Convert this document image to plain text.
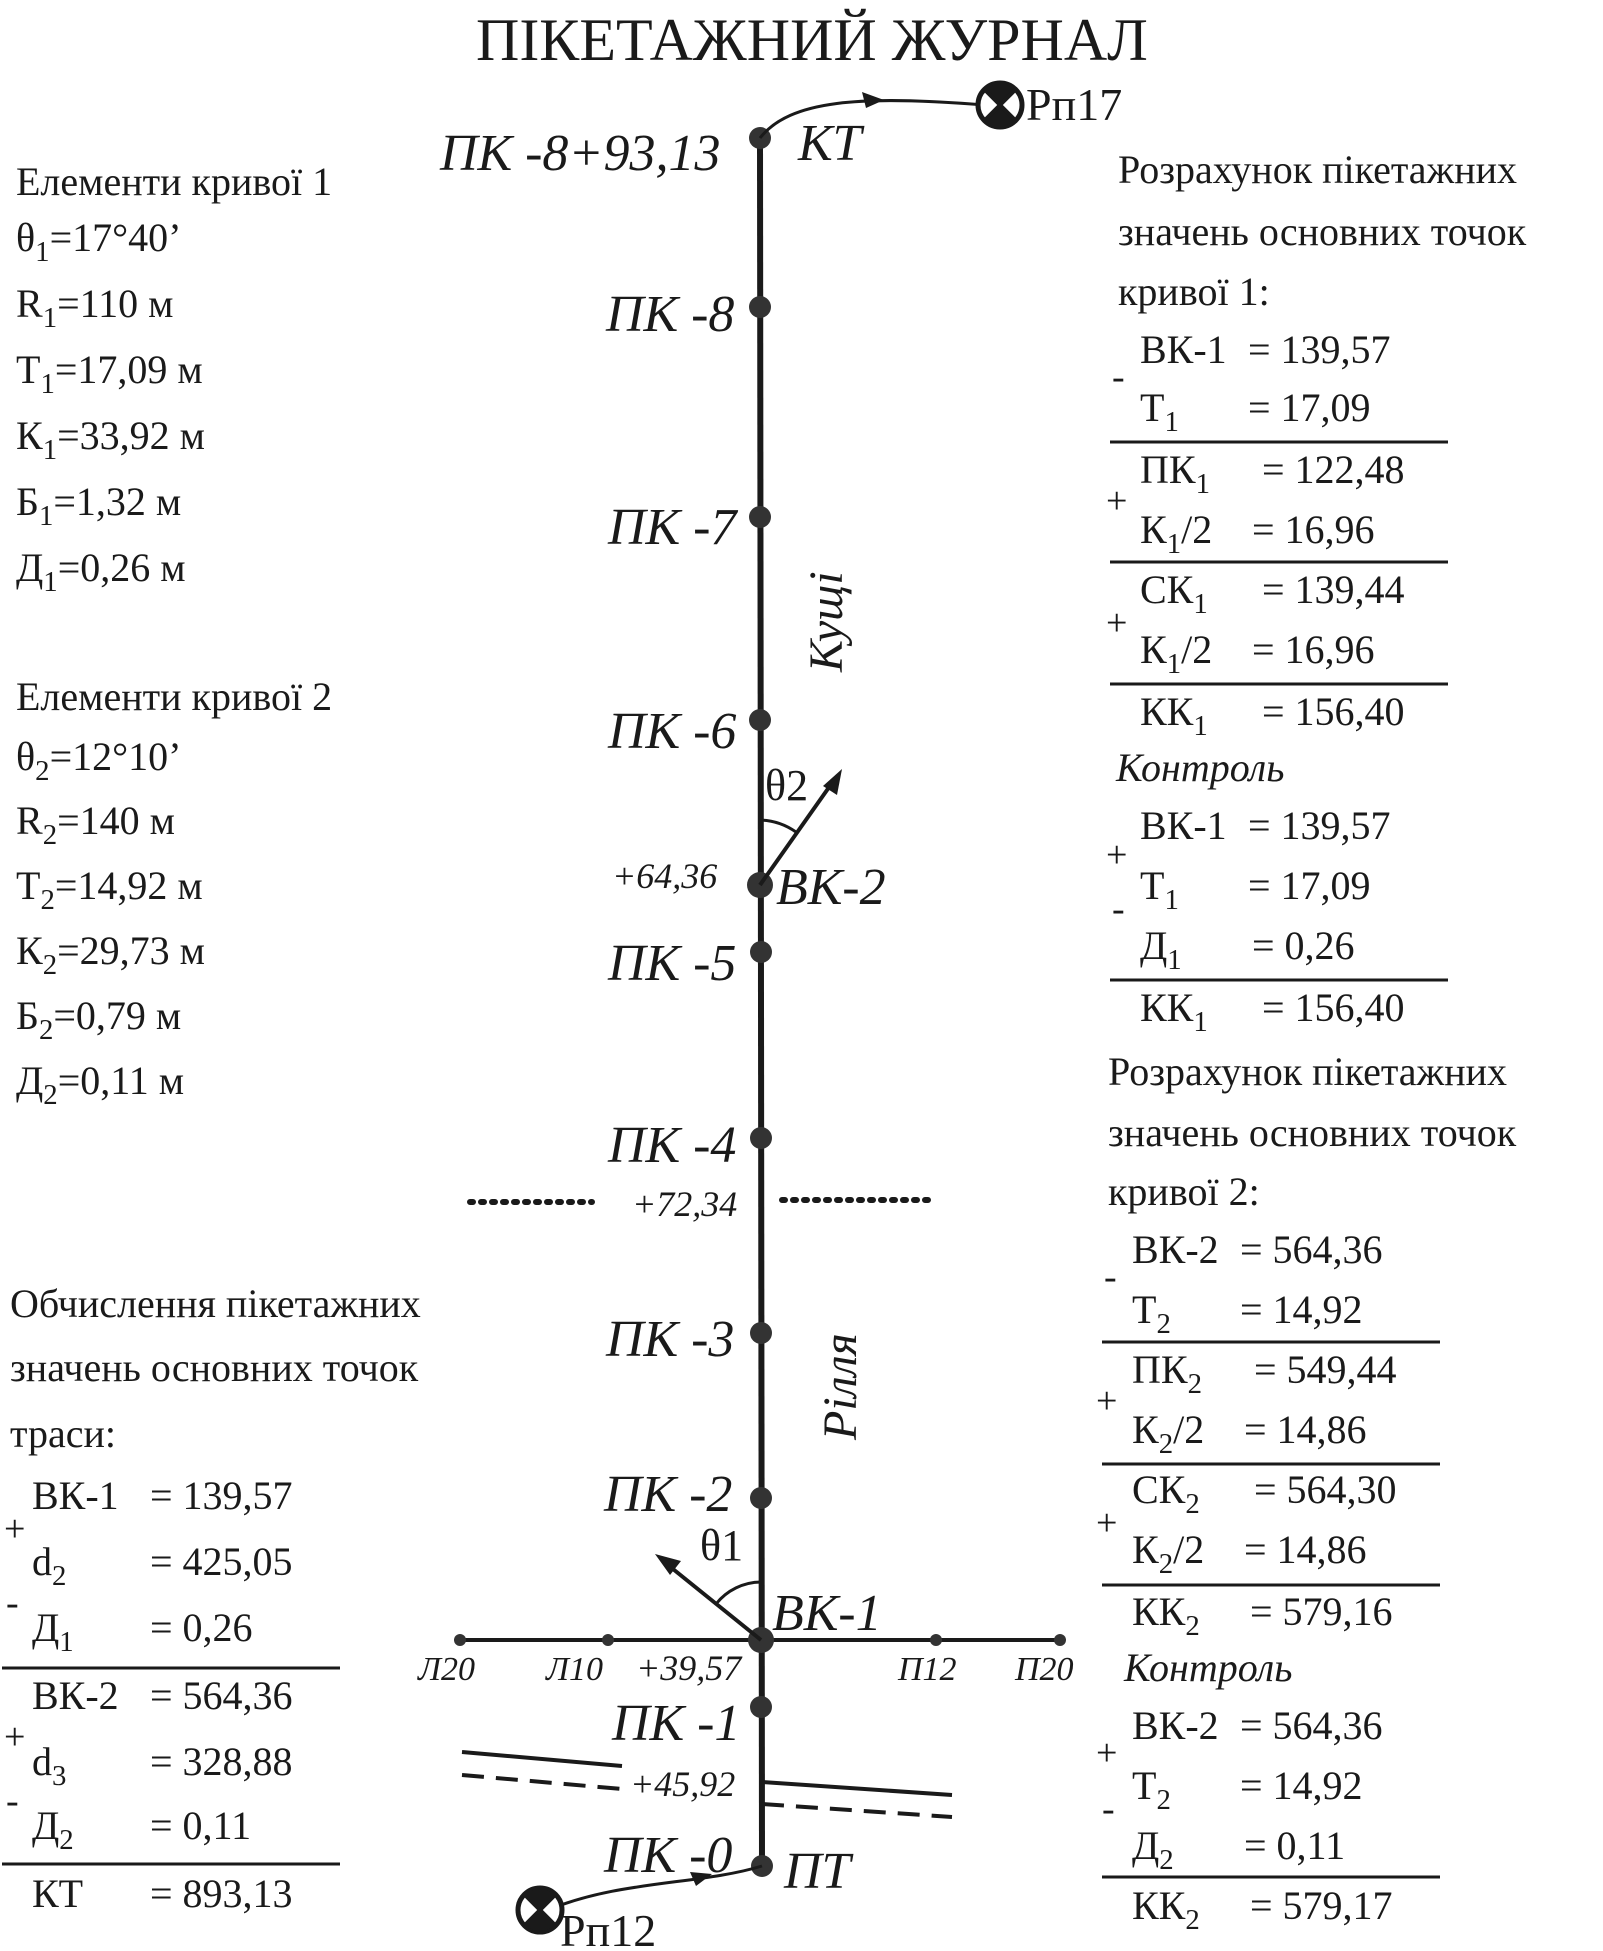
ПК -8+93,13
ПК -8
ПК -7
ПК -6
ПК -5
ПК -4
ПК -3
ПК -2
ПК -1
ПК -0
КТ
ПТ
ВК-1
ВК-2
+64,36
+39,57
+72,34
+45,92
Л20 Л10	П12 П20
θ1
θ2
Рп17
Рп12
Кущі
Рілля
ПІКЕТАЖНИЙ ЖУРНАЛ
Елементи кривої 1
$\theta_1=17^\circ 40$’
$R_1=110$ м
$Т_1=17,09$ м
$К_1=33,92$ м
$Б_1=1,32$ м
$Д_1=0,26$ м
Елементи кривої 2
$\theta_2=12^\circ 10$’
$R_2=140$ м
$Т_2=14,92$ м
$К_2=29,73$ м
$Б_2=0,79$ м
$Д_2=0,11$ м
Обчислення пікетажних
значень основних точок
траси:
+
-
ВК-1 = 139,57
$d_2 = 425,05$
$Д_1 = 0,26$
+
-
ВК-2 = 564,36
$d_3 = 328,88$
$Д_2 = 0,11$
КТ = 893,13
Розрахунок пікетажних
значень основних точок
кривої 1:
-
ВК-1 = 139,57
$Т_1 = 17,09$
+
$ПК_1 = 122,48$
$К_1/2 = 16,96$
+
$СК_1 = 139,44$
$К_1/2 = 16,96$
$КК_1 = 156,40$
Контроль
+
-
ВК-1 = 139,57
$Т_1 = 17,09$
$Д_1 = 0,26$
$КК_1 = 156,40$
Розрахунок пікетажних
значень основних точок
кривої 2:
-
ВК-2 = 564,36
$Т_2 = 14,92$
+
$ПК_2 = 549,44$
$К_2/2 = 14,86$
+
$СК_2 = 564,30$
$К_2/2 = 14,86$
$КК_2 = 579,16$
Контроль
+
-
ВК-2 = 564,36
$Т_2 = 14,92$
$Д_2 = 0,11$
$КК_2 = 579,17$
